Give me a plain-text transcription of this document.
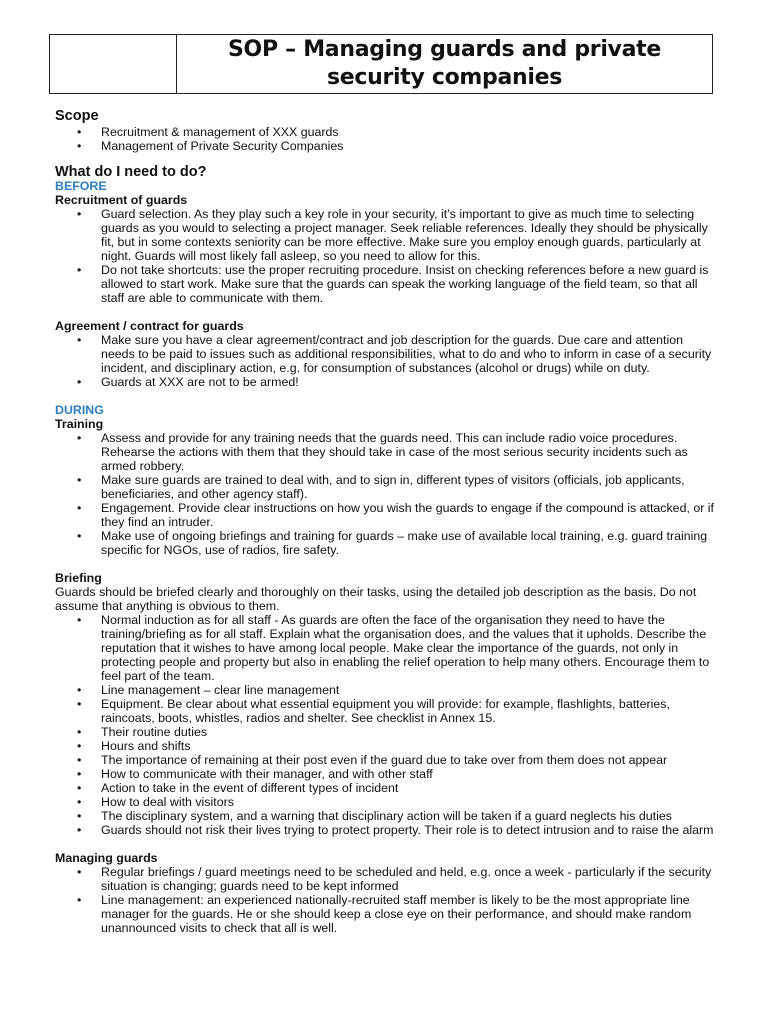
SOP – Managing guards and private security companies
Scope
• Recruitment & management of XXX guards
• Management of Private Security Companies
What do I need to do?
BEFORE
Recruitment of guards
• Guard selection. As they play such a key role in your security, it’s important to give as much time to selecting guards as you would to selecting a project manager. Seek reliable references. Ideally they should be physically fit, but in some contexts seniority can be more effective. Make sure you employ enough guards, particularly at night. Guards will most likely fall asleep, so you need to allow for this.
• Do not take shortcuts: use the proper recruiting procedure. Insist on checking references before a new guard is allowed to start work. Make sure that the guards can speak the working language of the field team, so that all staff are able to communicate with them.
Agreement / contract for guards
• Make sure you have a clear agreement/contract and job description for the guards. Due care and attention needs to be paid to issues such as additional responsibilities, what to do and who to inform in case of a security incident, and disciplinary action, e.g. for consumption of substances (alcohol or drugs) while on duty.
• Guards at XXX are not to be armed!
DURING
Training
• Assess and provide for any training needs that the guards need. This can include radio voice procedures. Rehearse the actions with them that they should take in case of the most serious security incidents such as armed robbery.
• Make sure guards are trained to deal with, and to sign in, different types of visitors (officials, job applicants, beneficiaries, and other agency staff).
• Engagement. Provide clear instructions on how you wish the guards to engage if the compound is attacked, or if they find an intruder.
• Make use of ongoing briefings and training for guards – make use of available local training, e.g. guard training specific for NGOs, use of radios, fire safety.
Briefing

Guards should be briefed clearly and thoroughly on their tasks, using the detailed job description as the basis. Do not assume that anything is obvious to them.

• Normal induction as for all staff - As guards are often the face of the organisation they need to have the training/briefing as for all staff. Explain what the organisation does, and the values that it upholds. Describe the reputation that it wishes to have among local people. Make clear the importance of the guards, not only in protecting people and property but also in enabling the relief operation to help many others. Encourage them to feel part of the team.
• Line management – clear line management
• Equipment. Be clear about what essential equipment you will provide: for example, flashlights, batteries, raincoats, boots, whistles, radios and shelter. See checklist in Annex 15.
• Their routine duties
• Hours and shifts
• The importance of remaining at their post even if the guard due to take over from them does not appear
• How to communicate with their manager, and with other staff
• Action to take in the event of different types of incident
• How to deal with visitors
• The disciplinary system, and a warning that disciplinary action will be taken if a guard neglects his duties
• Guards should not risk their lives trying to protect property. Their role is to detect intrusion and to raise the alarm
Managing guards
• Regular briefings / guard meetings need to be scheduled and held, e.g. once a week - particularly if the security situation is changing; guards need to be kept informed
• Line management: an experienced nationally-recruited staff member is likely to be the most appropriate line manager for the guards. He or she should keep a close eye on their performance, and should make random unannounced visits to check that all is well.
